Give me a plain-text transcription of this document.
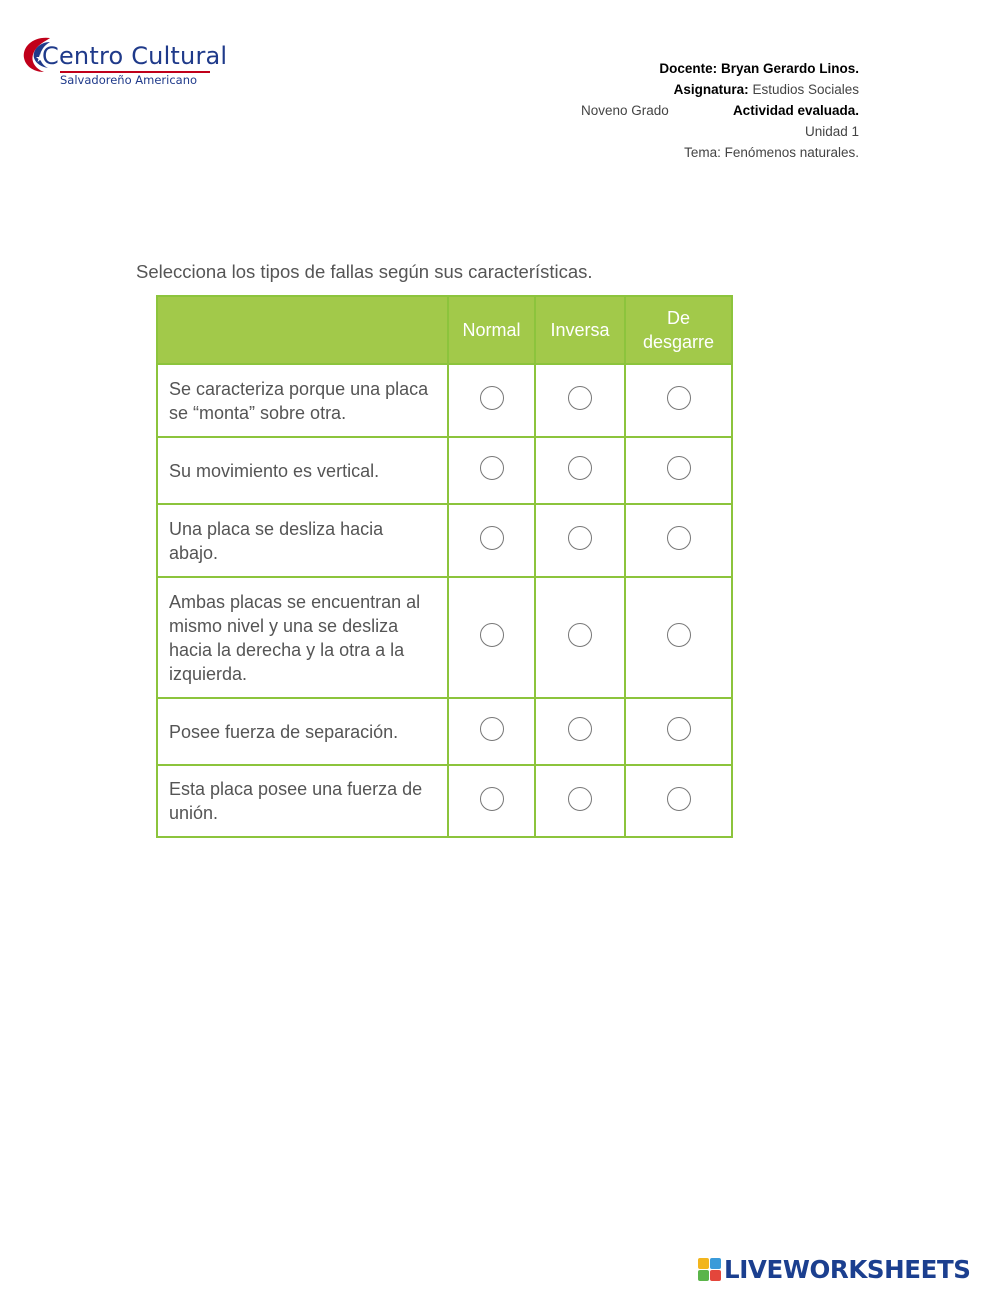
Centro Cultural
Salvadoreño Americano
Docente: Bryan Gerardo Linos.
Asignatura: Estudios Sociales
Noveno Grado	Actividad evaluada.
Unidad 1
Tema: Fenómenos naturales.
Selecciona los tipos de fallas según sus características.
	Normal	Inversa	De desgarre
Se caracteriza porque una placa se “monta” sobre otra.			
Su movimiento es vertical.			
Una placa se desliza hacia abajo.			
Ambas placas se encuentran al mismo nivel y una se desliza hacia la derecha y la otra a la izquierda.			
Posee fuerza de separación.			
Esta placa posee una fuerza de unión.			
LIVEWORKSHEETS
